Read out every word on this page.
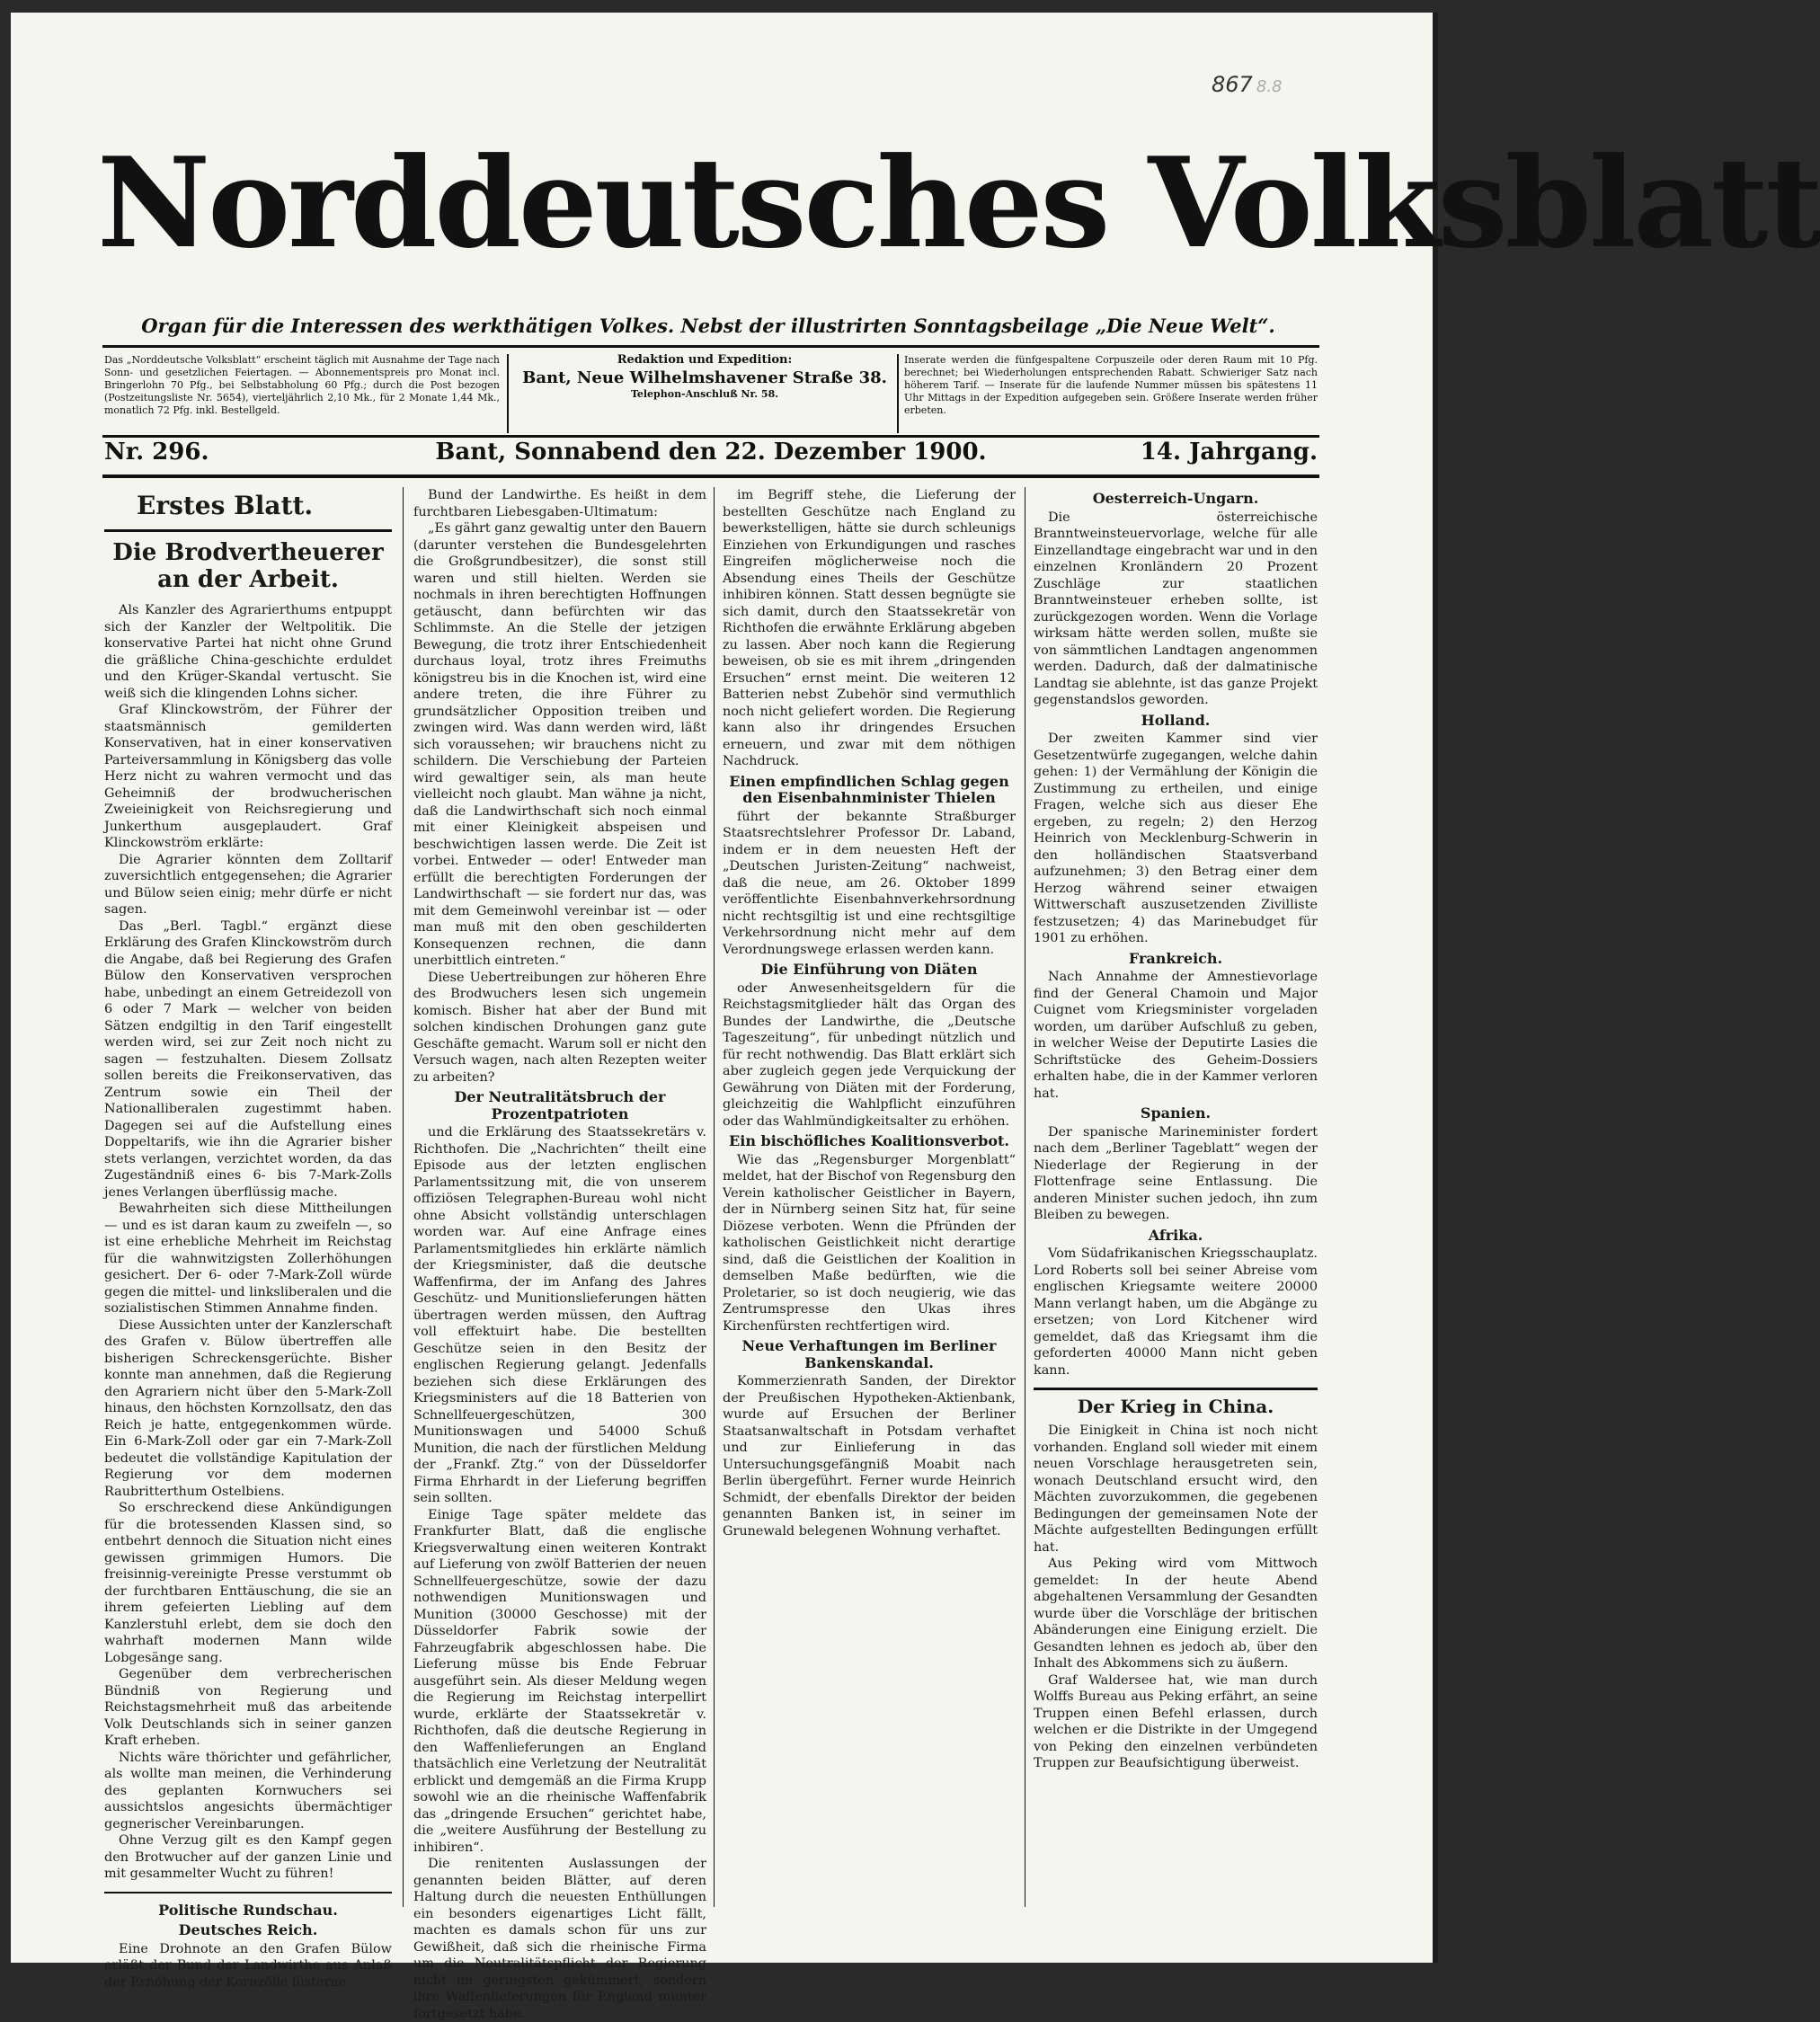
867 8.8
Norddeutsches Volksblatt
Organ für die Interessen des werkthätigen Volkes. Nebst der illustrirten Sonntagsbeilage „Die Neue Welt“.
Das „Norddeutsche Volksblatt“ erscheint täglich mit Ausnahme der Tage nach Sonn- und gesetzlichen Feiertagen. — Abonnementspreis pro Monat incl. Bringerlohn 70 Pfg., bei Selbstabholung 60 Pfg.; durch die Post bezogen (Postzeitungsliste Nr. 5654), vierteljährlich 2,10 Mk., für 2 Monate 1,44 Mk., monatlich 72 Pfg. inkl. Bestellgeld.
Redaktion und Expedition:
Bant, Neue Wilhelmshavener Straße 38.
Telephon-Anschluß Nr. 58.
Inserate werden die fünfgespaltene Corpuszeile oder deren Raum mit 10 Pfg. berechnet; bei Wiederholungen entsprechenden Rabatt. Schwieriger Satz nach höherem Tarif. — Inserate für die laufende Nummer müssen bis spätestens 11 Uhr Mittags in der Expedition aufgegeben sein. Größere Inserate werden früher erbeten.
Nr. 296.	Bant, Sonnabend den 22. Dezember 1900.	14. Jahrgang.
Erstes Blatt.
Die Brodvertheuerer an der Arbeit.

Als Kanzler des Agrarierthums entpuppt sich der Kanzler der Weltpolitik. Die konservative Partei hat nicht ohne Grund die gräßliche China-geschichte erduldet und den Krüger-Skandal vertuscht. Sie weiß sich die klingenden Lohns sicher.

Graf Klinckowström, der Führer der staatsmännisch gemilderten Konservativen, hat in einer konservativen Parteiversammlung in Königsberg das volle Herz nicht zu wahren vermocht und das Geheimniß der brodwucherischen Zweieinigkeit von Reichsregierung und Junkerthum ausgeplaudert. Graf Klinckowström erklärte:

Die Agrarier könnten dem Zolltarif zuversichtlich entgegensehen; die Agrarier und Bülow seien einig; mehr dürfe er nicht sagen.

Das „Berl. Tagbl.“ ergänzt diese Erklärung des Grafen Klinckowström durch die Angabe, daß bei Regierung des Grafen Bülow den Konservativen versprochen habe, unbedingt an einem Getreidezoll von 6 oder 7 Mark — welcher von beiden Sätzen endgiltig in den Tarif eingestellt werden wird, sei zur Zeit noch nicht zu sagen — festzuhalten. Diesem Zollsatz sollen bereits die Freikonservativen, das Zentrum sowie ein Theil der Nationalliberalen zugestimmt haben. Dagegen sei auf die Aufstellung eines Doppeltarifs, wie ihn die Agrarier bisher stets verlangen, verzichtet worden, da das Zugeständniß eines 6- bis 7-Mark-Zolls jenes Verlangen überflüssig mache.

Bewahrheiten sich diese Mittheilungen — und es ist daran kaum zu zweifeln —, so ist eine erhebliche Mehrheit im Reichstag für die wahnwitzigsten Zollerhöhungen gesichert. Der 6- oder 7-Mark-Zoll würde gegen die mittel- und linksliberalen und die sozialistischen Stimmen Annahme finden.

Diese Aussichten unter der Kanzlerschaft des Grafen v. Bülow übertreffen alle bisherigen Schreckensgerüchte. Bisher konnte man annehmen, daß die Regierung den Agrariern nicht über den 5-Mark-Zoll hinaus, den höchsten Kornzollsatz, den das Reich je hatte, entgegenkommen würde. Ein 6-Mark-Zoll oder gar ein 7-Mark-Zoll bedeutet die vollständige Kapitulation der Regierung vor dem modernen Raubritterthum Ostelbiens.

So erschreckend diese Ankündigungen für die brotessenden Klassen sind, so entbehrt dennoch die Situation nicht eines gewissen grimmigen Humors. Die freisinnig-vereinigte Presse verstummt ob der furchtbaren Enttäuschung, die sie an ihrem gefeierten Liebling auf dem Kanzlerstuhl erlebt, dem sie doch den wahrhaft modernen Mann wilde Lobgesänge sang.

Gegenüber dem verbrecherischen Bündniß von Regierung und Reichstagsmehrheit muß das arbeitende Volk Deutschlands sich in seiner ganzen Kraft erheben.

Nichts wäre thörichter und gefährlicher, als wollte man meinen, die Verhinderung des geplanten Kornwuchers sei aussichtslos angesichts übermächtiger gegnerischer Vereinbarungen.

Ohne Verzug gilt es den Kampf gegen den Brotwucher auf der ganzen Linie und mit gesammelter Wucht zu führen!

Politische Rundschau.
Deutsches Reich.

Eine Drohnote an den Grafen Bülow erläßt der Bund der Landwirthe aus Anlaß der Erhöhung der Kornzölle lüsterne

Bund der Landwirthe. Es heißt in dem furchtbaren Liebesgaben-Ultimatum:

„Es gährt ganz gewaltig unter den Bauern (darunter verstehen die Bundesgelehrten die Großgrundbesitzer), die sonst still waren und still hielten. Werden sie nochmals in ihren berechtigten Hoffnungen getäuscht, dann befürchten wir das Schlimmste. An die Stelle der jetzigen Bewegung, die trotz ihrer Entschiedenheit durchaus loyal, trotz ihres Freimuths königstreu bis in die Knochen ist, wird eine andere treten, die ihre Führer zu grundsätzlicher Opposition treiben und zwingen wird. Was dann werden wird, läßt sich voraussehen; wir brauchens nicht zu schildern. Die Verschiebung der Parteien wird gewaltiger sein, als man heute vielleicht noch glaubt. Man wähne ja nicht, daß die Landwirthschaft sich noch einmal mit einer Kleinigkeit abspeisen und beschwichtigen lassen werde. Die Zeit ist vorbei. Entweder — oder! Entweder man erfüllt die berechtigten Forderungen der Landwirthschaft — sie fordert nur das, was mit dem Gemeinwohl vereinbar ist — oder man muß mit den oben geschilderten Konsequenzen rechnen, die dann unerbittlich eintreten.“

Diese Uebertreibungen zur höheren Ehre des Brodwuchers lesen sich ungemein komisch. Bisher hat aber der Bund mit solchen kindischen Drohungen ganz gute Geschäfte gemacht. Warum soll er nicht den Versuch wagen, nach alten Rezepten weiter zu arbeiten?

Der Neutralitätsbruch der Prozentpatrioten

und die Erklärung des Staatssekretärs v. Richthofen. Die „Nachrichten“ theilt eine Episode aus der letzten englischen Parlamentssitzung mit, die von unserem offiziösen Telegraphen-Bureau wohl nicht ohne Absicht vollständig unterschlagen worden war. Auf eine Anfrage eines Parlamentsmitgliedes hin erklärte nämlich der Kriegsminister, daß die deutsche Waffenfirma, der im Anfang des Jahres Geschütz- und Munitionslieferungen hätten übertragen werden müssen, den Auftrag voll effektuirt habe. Die bestellten Geschütze seien in den Besitz der englischen Regierung gelangt. Jedenfalls beziehen sich diese Erklärungen des Kriegsministers auf die 18 Batterien von Schnellfeuergeschützen, 300 Munitionswagen und 54000 Schuß Munition, die nach der fürstlichen Meldung der „Frankf. Ztg.“ von der Düsseldorfer Firma Ehrhardt in der Lieferung begriffen sein sollten.

Einige Tage später meldete das Frankfurter Blatt, daß die englische Kriegsverwaltung einen weiteren Kontrakt auf Lieferung von zwölf Batterien der neuen Schnellfeuergeschütze, sowie der dazu nothwendigen Munitionswagen und Munition (30000 Geschosse) mit der Düsseldorfer Fabrik sowie der Fahrzeugfabrik abgeschlossen habe. Die Lieferung müsse bis Ende Februar ausgeführt sein. Als dieser Meldung wegen die Regierung im Reichstag interpellirt wurde, erklärte der Staatssekretär v. Richthofen, daß die deutsche Regierung in den Waffenlieferungen an England thatsächlich eine Verletzung der Neutralität erblickt und demgemäß an die Firma Krupp sowohl wie an die rheinische Waffenfabrik das „dringende Ersuchen“ gerichtet habe, die „weitere Ausführung der Bestellung zu inhibiren“.

Die renitenten Auslassungen der genannten beiden Blätter, auf deren Haltung durch die neuesten Enthüllungen ein besonders eigenartiges Licht fällt, machten es damals schon für uns zur Gewißheit, daß sich die rheinische Firma um die Neutralitätspflicht der Regierung nicht im geringsten gekümmert, sondern ihre Waffenlieferungen für England munter fortgesetzt habe.

im Begriff stehe, die Lieferung der bestellten Geschütze nach England zu bewerkstelligen, hätte sie durch schleunigs Einziehen von Erkundigungen und rasches Eingreifen möglicherweise noch die Absendung eines Theils der Geschütze inhibiren können. Statt dessen begnügte sie sich damit, durch den Staatssekretär von Richthofen die erwähnte Erklärung abgeben zu lassen. Aber noch kann die Regierung beweisen, ob sie es mit ihrem „dringenden Ersuchen“ ernst meint. Die weiteren 12 Batterien nebst Zubehör sind vermuthlich noch nicht geliefert worden. Die Regierung kann also ihr dringendes Ersuchen erneuern, und zwar mit dem nöthigen Nachdruck.

Einen empfindlichen Schlag gegen den Eisenbahnminister Thielen

führt der bekannte Straßburger Staatsrechtslehrer Professor Dr. Laband, indem er in dem neuesten Heft der „Deutschen Juristen-Zeitung“ nachweist, daß die neue, am 26. Oktober 1899 veröffentlichte Eisenbahnverkehrsordnung nicht rechtsgiltig ist und eine rechtsgiltige Verkehrsordnung nicht mehr auf dem Verordnungswege erlassen werden kann.

Die Einführung von Diäten

oder Anwesenheitsgeldern für die Reichstagsmitglieder hält das Organ des Bundes der Landwirthe, die „Deutsche Tageszeitung“, für unbedingt nützlich und für recht nothwendig. Das Blatt erklärt sich aber zugleich gegen jede Verquickung der Gewährung von Diäten mit der Forderung, gleichzeitig die Wahlpflicht einzuführen oder das Wahlmündigkeitsalter zu erhöhen.

Ein bischöfliches Koalitionsverbot.

Wie das „Regensburger Morgenblatt“ meldet, hat der Bischof von Regensburg den Verein katholischer Geistlicher in Bayern, der in Nürnberg seinen Sitz hat, für seine Diözese verboten. Wenn die Pfründen der katholischen Geistlichkeit nicht derartige sind, daß die Geistlichen der Koalition in demselben Maße bedürften, wie die Proletarier, so ist doch neugierig, wie das Zentrumspresse den Ukas ihres Kirchenfürsten rechtfertigen wird.

Neue Verhaftungen im Berliner Bankenskandal.

Kommerzienrath Sanden, der Direktor der Preußischen Hypotheken-Aktienbank, wurde auf Ersuchen der Berliner Staatsanwaltschaft in Potsdam verhaftet und zur Einlieferung in das Untersuchungsgefängniß Moabit nach Berlin übergeführt. Ferner wurde Heinrich Schmidt, der ebenfalls Direktor der beiden genannten Banken ist, in seiner im Grunewald belegenen Wohnung verhaftet.

Oesterreich-Ungarn.

Die österreichische Branntweinsteuervorlage, welche für alle Einzellandtage eingebracht war und in den einzelnen Kronländern 20 Prozent Zuschläge zur staatlichen Branntweinsteuer erheben sollte, ist zurückgezogen worden. Wenn die Vorlage wirksam hätte werden sollen, mußte sie von sämmtlichen Landtagen angenommen werden. Dadurch, daß der dalmatinische Landtag sie ablehnte, ist das ganze Projekt gegenstandslos geworden.

Holland.

Der zweiten Kammer sind vier Gesetzentwürfe zugegangen, welche dahin gehen: 1) der Vermählung der Königin die Zustimmung zu ertheilen, und einige Fragen, welche sich aus dieser Ehe ergeben, zu regeln; 2) den Herzog Heinrich von Mecklenburg-Schwerin in den holländischen Staatsverband aufzunehmen; 3) den Betrag einer dem Herzog während seiner etwaigen Wittwerschaft auszusetzenden Zivilliste festzusetzen; 4) das Marinebudget für 1901 zu erhöhen.

Frankreich.

Nach Annahme der Amnestievorlage find der General Chamoin und Major Cuignet vom Kriegsminister vorgeladen worden, um darüber Aufschluß zu geben, in welcher Weise der Deputirte Lasies die Schriftstücke des Geheim-Dossiers erhalten habe, die in der Kammer verloren hat.

Spanien.

Der spanische Marineminister fordert nach dem „Berliner Tageblatt“ wegen der Niederlage der Regierung in der Flottenfrage seine Entlassung. Die anderen Minister suchen jedoch, ihn zum Bleiben zu bewegen.

Afrika.

Vom Südafrikanischen Kriegsschauplatz. Lord Roberts soll bei seiner Abreise vom englischen Kriegsamte weitere 20000 Mann verlangt haben, um die Abgänge zu ersetzen; von Lord Kitchener wird gemeldet, daß das Kriegsamt ihm die geforderten 40000 Mann nicht geben kann.

Der Krieg in China.

Die Einigkeit in China ist noch nicht vorhanden. England soll wieder mit einem neuen Vorschlage herausgetreten sein, wonach Deutschland ersucht wird, den Mächten zuvorzukommen, die gegebenen Bedingungen der gemeinsamen Note der Mächte aufgestellten Bedingungen erfüllt hat.

Aus Peking wird vom Mittwoch gemeldet: In der heute Abend abgehaltenen Versammlung der Gesandten wurde über die Vorschläge der britischen Abänderungen eine Einigung erzielt. Die Gesandten lehnen es jedoch ab, über den Inhalt des Abkommens sich zu äußern.

Graf Waldersee hat, wie man durch Wolffs Bureau aus Peking erfährt, an seine Truppen einen Befehl erlassen, durch welchen er die Distrikte in der Umgegend von Peking den einzelnen verbündeten Truppen zur Beaufsichtigung überweist.
